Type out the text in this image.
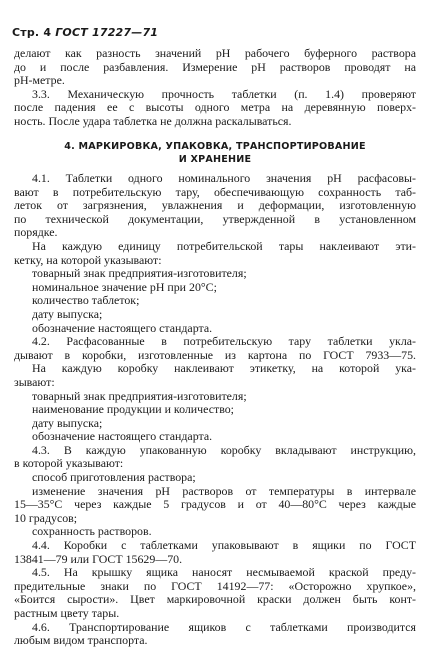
Стр. 4 ГОСТ 17227—71
делают как разность значений pH рабочего буферного раствора
до и после разбавления. Измерение pH растворов проводят на
pH-метре.
3.3. Механическую прочность таблетки (п. 1.4) проверяют
после падения ее с высоты одного метра на деревянную поверх-
ность. После удара таблетка не должна раскалываться.
4. МАРКИРОВКА, УПАКОВКА, ТРАНСПОРТИРОВАНИЕ
И ХРАНЕНИЕ
4.1. Таблетки одного номинального значения pH расфасовы-
вают в потребительскую тару, обеспечивающую сохранность таб-
леток от загрязнения, увлажнения и деформации, изготовленную
по технической документации, утвержденной в установленном
порядке.
На каждую единицу потребительской тары наклеивают эти-
кетку, на которой указывают:
товарный знак предприятия-изготовителя;
номинальное значение pH при 20°С;
количество таблеток;
дату выпуска;
обозначение настоящего стандарта.
4.2. Расфасованные в потребительскую тару таблетки укла-
дывают в коробки, изготовленные из картона по ГОСТ 7933—75.
На каждую коробку наклеивают этикетку, на которой ука-
зывают:
товарный знак предприятия-изготовителя;
наименование продукции и количество;
дату выпуска;
обозначение настоящего стандарта.
4.3. В каждую упакованную коробку вкладывают инструкцию,
в которой указывают:
способ приготовления раствора;
изменение значения pH растворов от температуры в интервале
15—35°С через каждые 5 градусов и от 40—80°С через каждые
10 градусов;
сохранность растворов.
4.4. Коробки с таблетками упаковывают в ящики по ГОСТ
13841—79 или ГОСТ 15629—70.
4.5. На крышку ящика наносят несмываемой краской преду-
предительные знаки по ГОСТ 14192—77: «Осторожно хрупкое»,
«Боится сырости». Цвет маркировочной краски должен быть конт-
растным цвету тары.
4.6. Транспортирование ящиков с таблетками производится
любым видом транспорта.
